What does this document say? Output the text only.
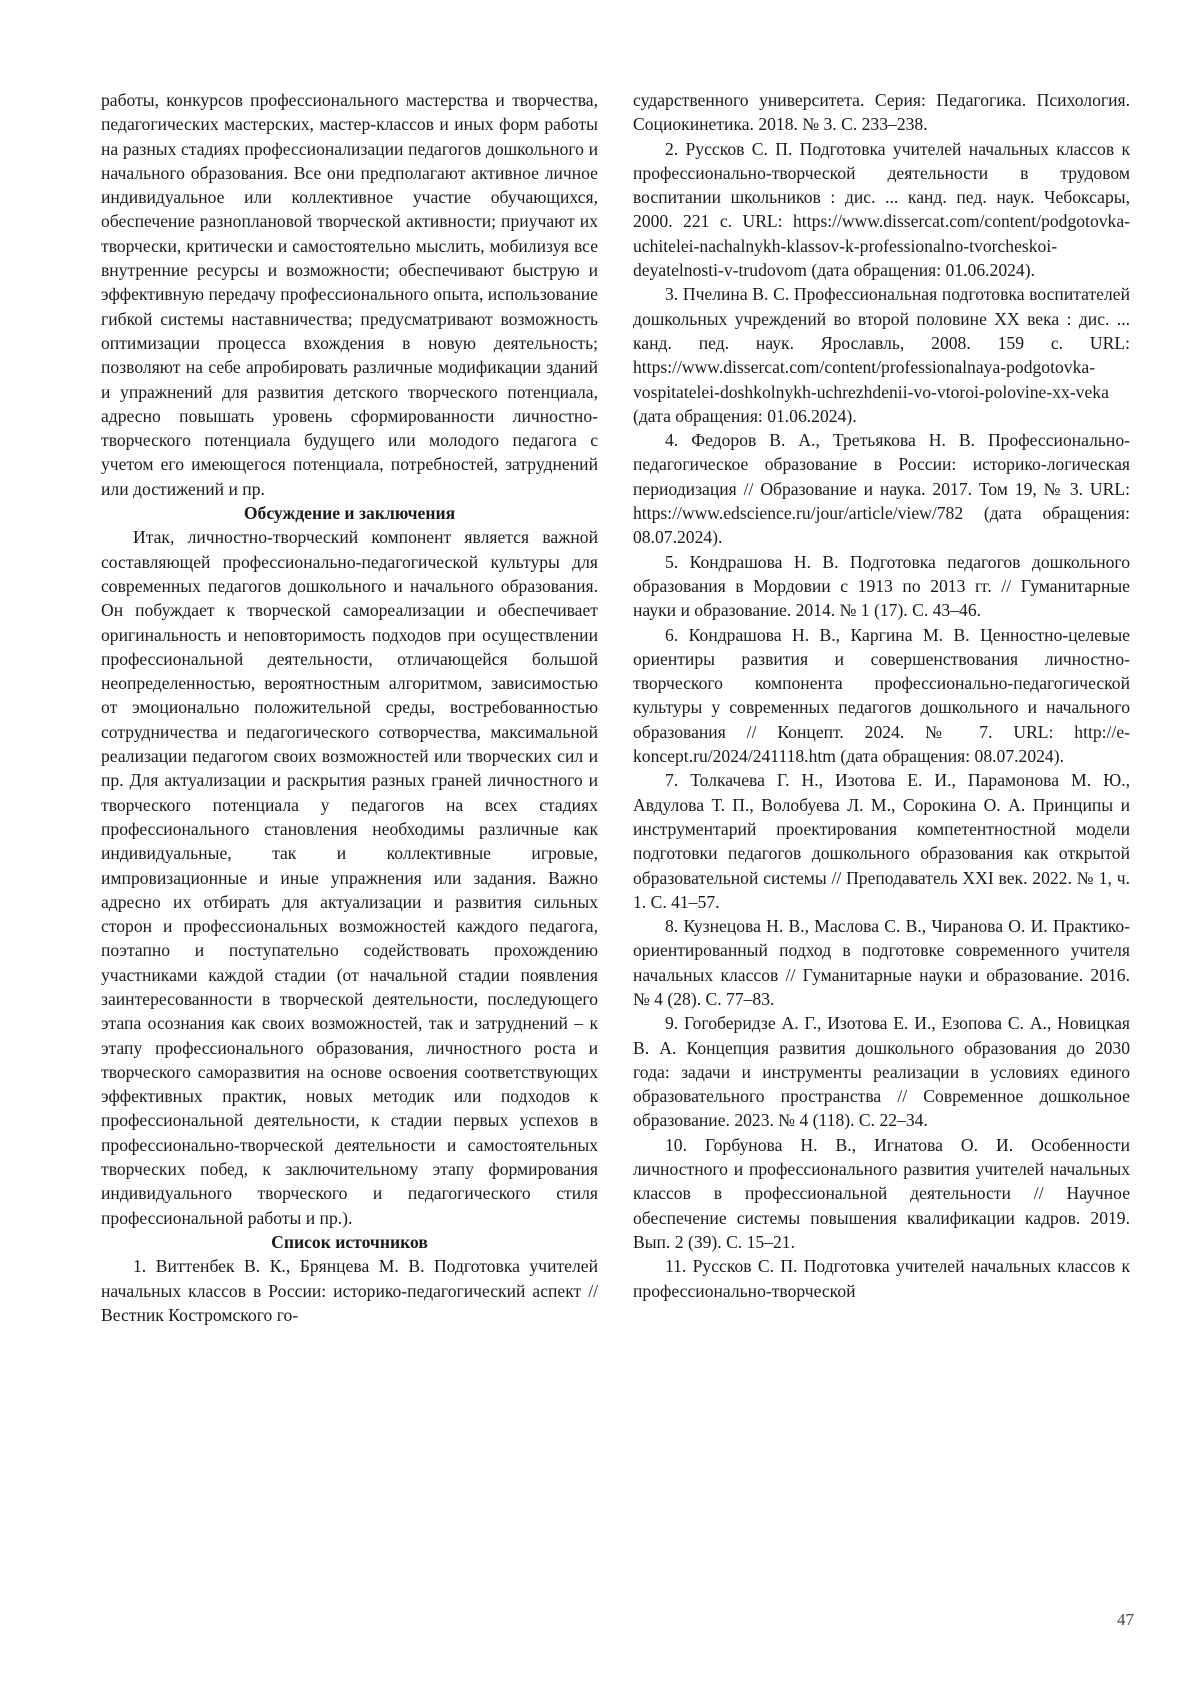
работы, конкурсов профессионального мастерства и творчества, педагогических мастерских, мастер-классов и иных форм работы на разных стадиях профессионализации педагогов дошкольного и начального образования. Все они предполагают активное личное индивидуальное или коллективное участие обучающихся, обеспечение разноплановой творческой активности; приучают их творчески, критически и самостоятельно мыслить, мобилизуя все внутренние ресурсы и возможности; обеспечивают быструю и эффективную передачу профессионального опыта, использование гибкой системы наставничества; предусматривают возможность оптимизации процесса вхождения в новую деятельность; позволяют на себе апробировать различные модификации зданий и упражнений для развития детского творческого потенциала, адресно повышать уровень сформированности личностно-творческого потенциала будущего или молодого педагога с учетом его имеющегося потенциала, потребностей, затруднений или достижений и пр.

Обсуждение и заключения

Итак, личностно-творческий компонент является важной составляющей профессионально-педагогической культуры для современных педагогов дошкольного и начального образования. Он побуждает к творческой самореализации и обеспечивает оригинальность и неповторимость подходов при осуществлении профессиональной деятельности, отличающейся большой неопределенностью, вероятностным алгоритмом, зависимостью от эмоционально положительной среды, востребованностью сотрудничества и педагогического сотворчества, максимальной реализации педагогом своих возможностей или творческих сил и пр. Для актуализации и раскрытия разных граней личностного и творческого потенциала у педагогов на всех стадиях профессионального становления необходимы различные как индивидуальные, так и коллективные игровые, импровизационные и иные упражнения или задания. Важно адресно их отбирать для актуализации и развития сильных сторон и профессиональных возможностей каждого педагога, поэтапно и поступательно содействовать прохождению участниками каждой стадии (от начальной стадии появления заинтересованности в творческой деятельности, последующего этапа осознания как своих возможностей, так и затруднений – к этапу профессионального образования, личностного роста и творческого саморазвития на основе освоения соответствующих эффективных практик, новых методик или подходов к профессиональной деятельности, к стадии первых успехов в профессионально-творческой деятельности и самостоятельных творческих побед, к заключительному этапу формирования индивидуального творческого и педагогического стиля профессиональной работы и пр.).

Список источников

1. Виттенбек В. К., Брянцева М. В. Подготовка учителей начальных классов в России: историко-педагогический аспект // Вестник Костромского го-

сударственного университета. Серия: Педагогика. Психология. Социокинетика. 2018. № 3. С. 233–238.

2. Русcков С. П. Подготовка учителей начальных классов к профессионально-творческой деятельности в трудовом воспитании школьников : дис. ... канд. пед. наук. Чебоксары, 2000. 221 с. URL: https://www.dissercat.com/content/podgotovka-uchitelei-nachalnykh-klassov-k-professionalno-tvorcheskoi-deyatelnosti-v-trudovom (дата обращения: 01.06.2024).

3. Пчелина В. С. Профессиональная подготовка воспитателей дошкольных учреждений во второй половине XX века : дис. ... канд. пед. наук. Ярославль, 2008. 159 с. URL: https://www.dissercat.com/content/professionalnaya-podgotovka-vospitatelei-doshkolnykh-uchrezhdenii-vo-vtoroi-polovine-xx-veka (дата обращения: 01.06.2024).

4. Федоров В. А., Третьякова Н. В. Профессионально-педагогическое образование в России: историко-логическая периодизация // Образование и наука. 2017. Том 19, № 3. URL: https://www.edscience.ru/jour/article/view/782 (дата обращения: 08.07.2024).

5. Кондрашова Н. В. Подготовка педагогов дошкольного образования в Мордовии с 1913 по 2013 гг. // Гуманитарные науки и образование. 2014. № 1 (17). С. 43–46.

6. Кондрашова Н. В., Каргина М. В. Ценностно-целевые ориентиры развития и совершенствования личностно-творческого компонента профессионально-педагогической культуры у современных педагогов дошкольного и начального образования // Концепт. 2024. № 7. URL: http://e-koncept.ru/2024/241118.htm (дата обращения: 08.07.2024).

7. Толкачева Г. Н., Изотова Е. И., Парамонова М. Ю., Авдулова Т. П., Волобуева Л. М., Сорокина О. А. Принципы и инструментарий проектирования компетентностной модели подготовки педагогов дошкольного образования как открытой образовательной системы // Преподаватель XXI век. 2022. № 1, ч. 1. С. 41–57.

8. Кузнецова Н. В., Маслова С. В., Чиранова О. И. Практико-ориентированный подход в подготовке современного учителя начальных классов // Гуманитарные науки и образование. 2016. № 4 (28). С. 77–83.

9. Гогоберидзе А. Г., Изотова Е. И., Езопова С. А., Новицкая В. А. Концепция развития дошкольного образования до 2030 года: задачи и инструменты реализации в условиях единого образовательного пространства // Современное дошкольное образование. 2023. № 4 (118). С. 22–34.

10. Горбунова Н. В., Игнатова О. И. Особенности личностного и профессионального развития учителей начальных классов в профессиональной деятельности // Научное обеспечение системы повышения квалификации кадров. 2019. Вып. 2 (39). С. 15–21.

11. Русcков С. П. Подготовка учителей начальных классов к профессионально-творческой

47
